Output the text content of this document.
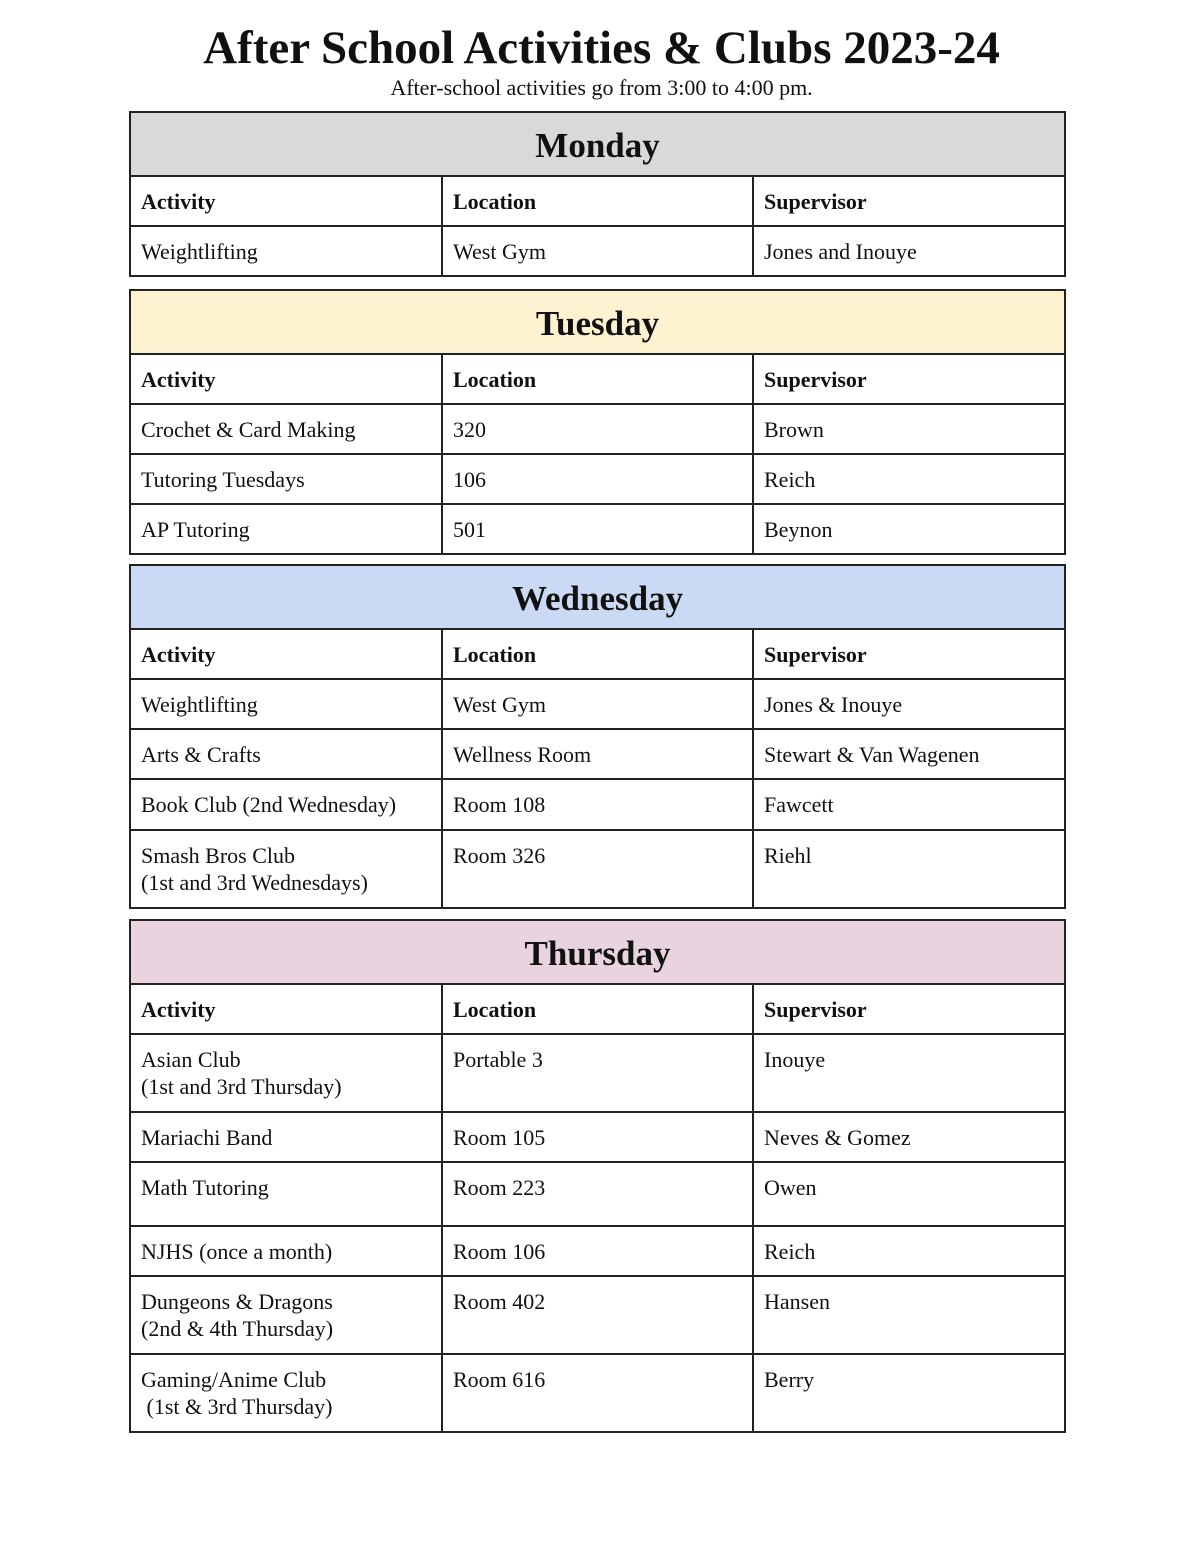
After School Activities & Clubs 2023-24
After-school activities go from 3:00 to 4:00 pm.
Monday		
Activity	Location	Supervisor

Weightlifting	West Gym	Jones and Inouye
Tuesday		
Activity	Location	Supervisor

Crochet & Card Making	320	Brown

Tutoring Tuesdays	106	Reich

AP Tutoring	501	Beynon
Wednesday		
Activity	Location	Supervisor

Weightlifting	West Gym	Jones & Inouye

Arts & Crafts	Wellness Room	Stewart & Van Wagenen

Book Club (2nd Wednesday)	Room 108	Fawcett

Smash Bros Club
(1st and 3rd Wednesdays)	Room 326	Riehl
Thursday		
Activity	Location	Supervisor

Asian Club
(1st and 3rd Thursday)	Portable 3	Inouye

Mariachi Band	Room 105	Neves & Gomez

Math Tutoring	Room 223	Owen

NJHS (once a month)	Room 106	Reich

Dungeons & Dragons
(2nd & 4th Thursday)	Room 402	Hansen

Gaming/Anime Club
(1st & 3rd Thursday)	Room 616	Berry
